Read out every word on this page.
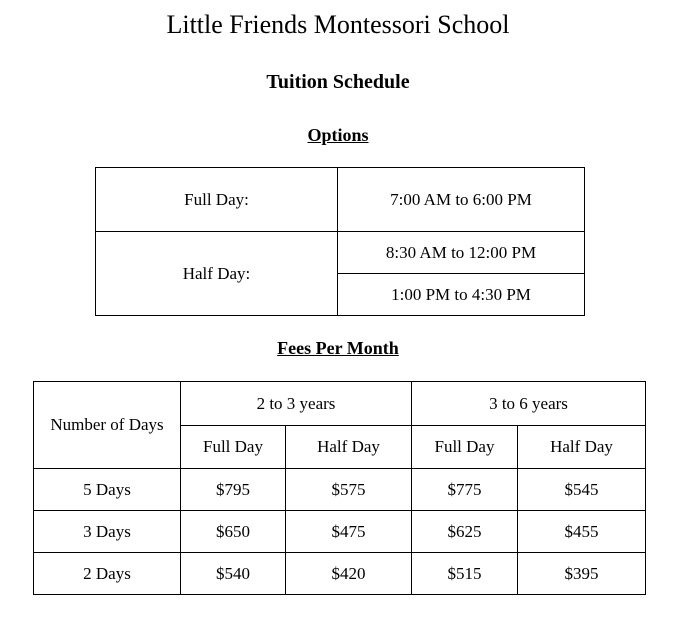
Little Friends Montessori School
Tuition Schedule
Options
Full Day:	7:00 AM to 6:00 PM
Half Day:	8:30 AM to 12:00 PM
	1:00 PM to 4:30 PM
Fees Per Month
Number of Days	2 to 3 years		3 to 6 years	
	Full Day	Half Day	Full Day	Half Day
5 Days	$795	$575	$775	$545
3 Days	$650	$475	$625	$455
2 Days	$540	$420	$515	$395
